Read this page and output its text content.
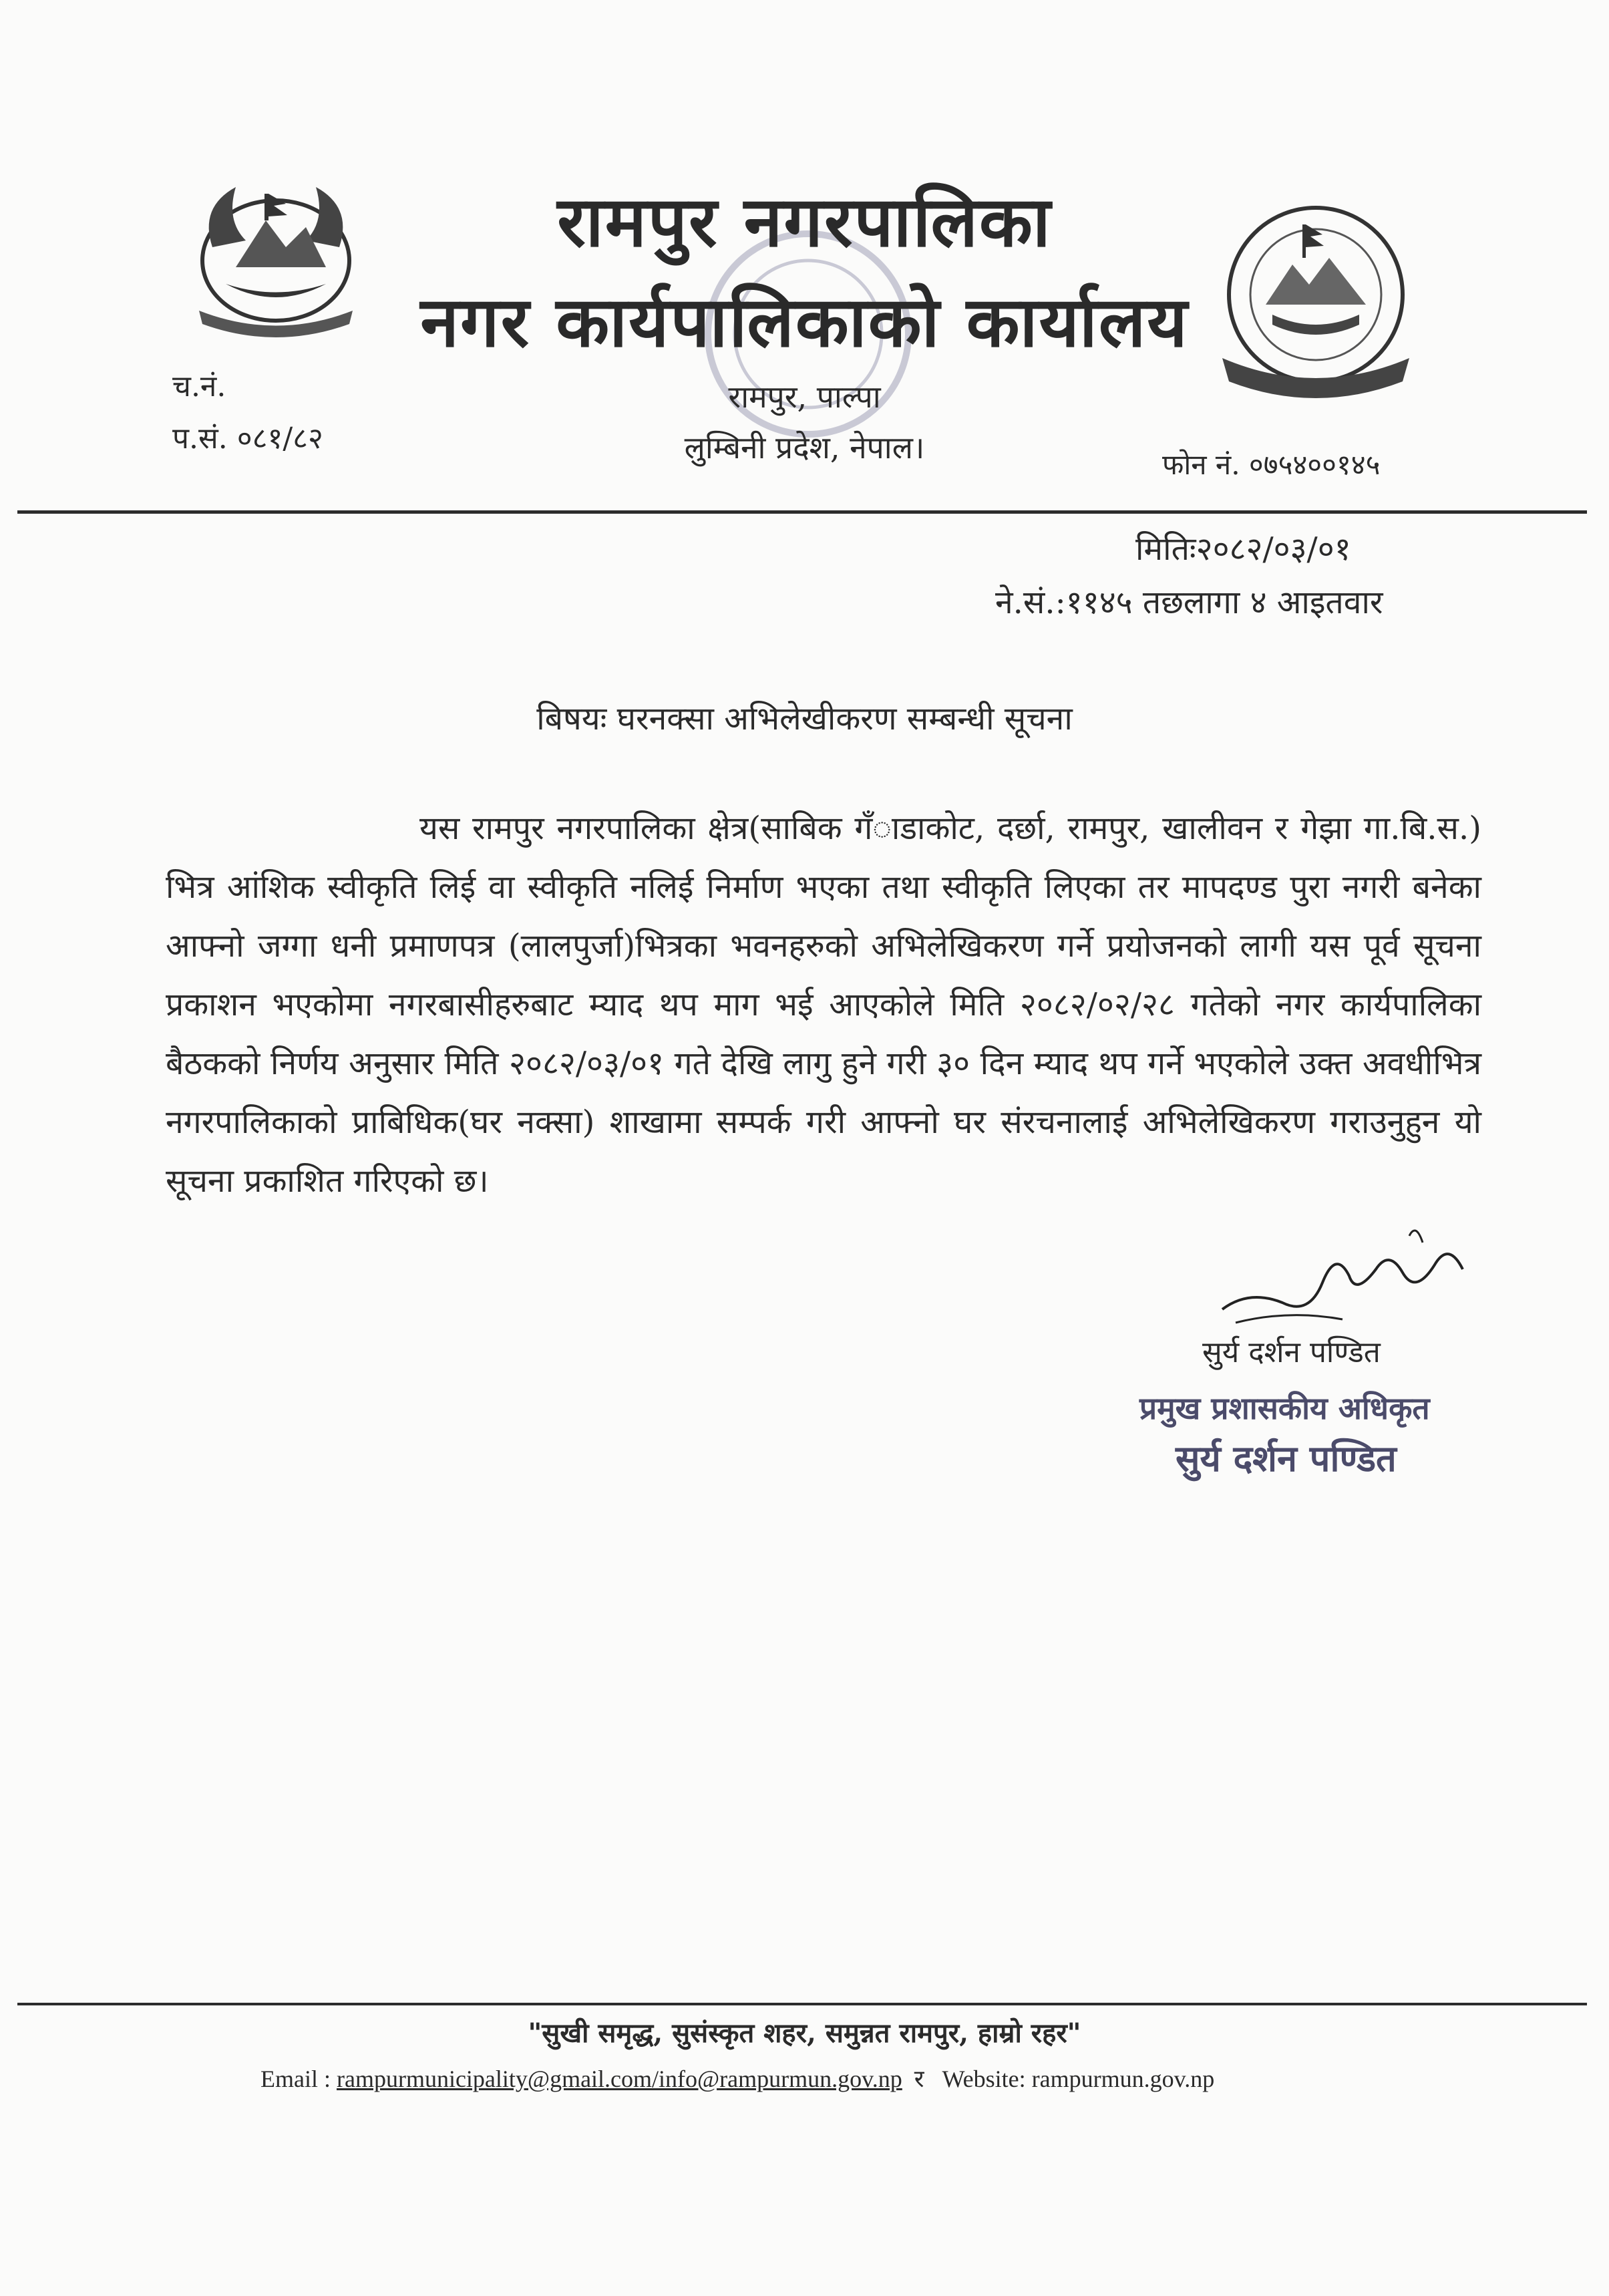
रामपुर नगरपालिका
नगर कार्यपालिकाको कार्यालय
रामपुर, पाल्पा
लुम्बिनी प्रदेश, नेपाल।
च.नं.
प.सं. ०८१/८२
फोन नं. ०७५४००१४५
मितिः२०८२/०३/०१
ने.सं.:११४५ तछलागा ४ आइतवार
बिषयः घरनक्सा अभिलेखीकरण सम्बन्धी सूचना
यस रामपुर नगरपालिका क्षेत्र(साबिक गँाडाकोट, दर्छा, रामपुर, खालीवन र गेझा गा.बि.स.) भित्र आंशिक स्वीकृति लिई वा स्वीकृति नलिई निर्माण भएका तथा स्वीकृति लिएका तर मापदण्ड पुरा नगरी बनेका आफ्नो जग्गा धनी प्रमाणपत्र (लालपुर्जा)भित्रका भवनहरुको अभिलेखिकरण गर्ने प्रयोजनको लागी यस पूर्व सूचना प्रकाशन भएकोमा नगरबासीहरुबाट म्याद थप माग भई आएकोले मिति २०८२/०२/२८ गतेको नगर कार्यपालिका बैठकको निर्णय अनुसार मिति २०८२/०३/०१ गते देखि लागु हुने गरी ३० दिन म्याद थप गर्ने भएकोले उक्त अवधीभित्र नगरपालिकाको प्राबिधिक(घर नक्सा) शाखामा सम्पर्क गरी आफ्नो घर संरचनालाई अभिलेखिकरण गराउनुहुन यो सूचना प्रकाशित गरिएको छ।
सुर्य दर्शन पण्डित
प्रमुख प्रशासकीय अधिकृत
सुर्य दर्शन पण्डित
"सुखी समृद्ध, सुसंस्कृत शहर, समुन्नत रामपुर, हाम्रो रहर"
Email : rampurmunicipality@gmail.com/info@rampurmun.gov.np र Website: rampurmun.gov.np
